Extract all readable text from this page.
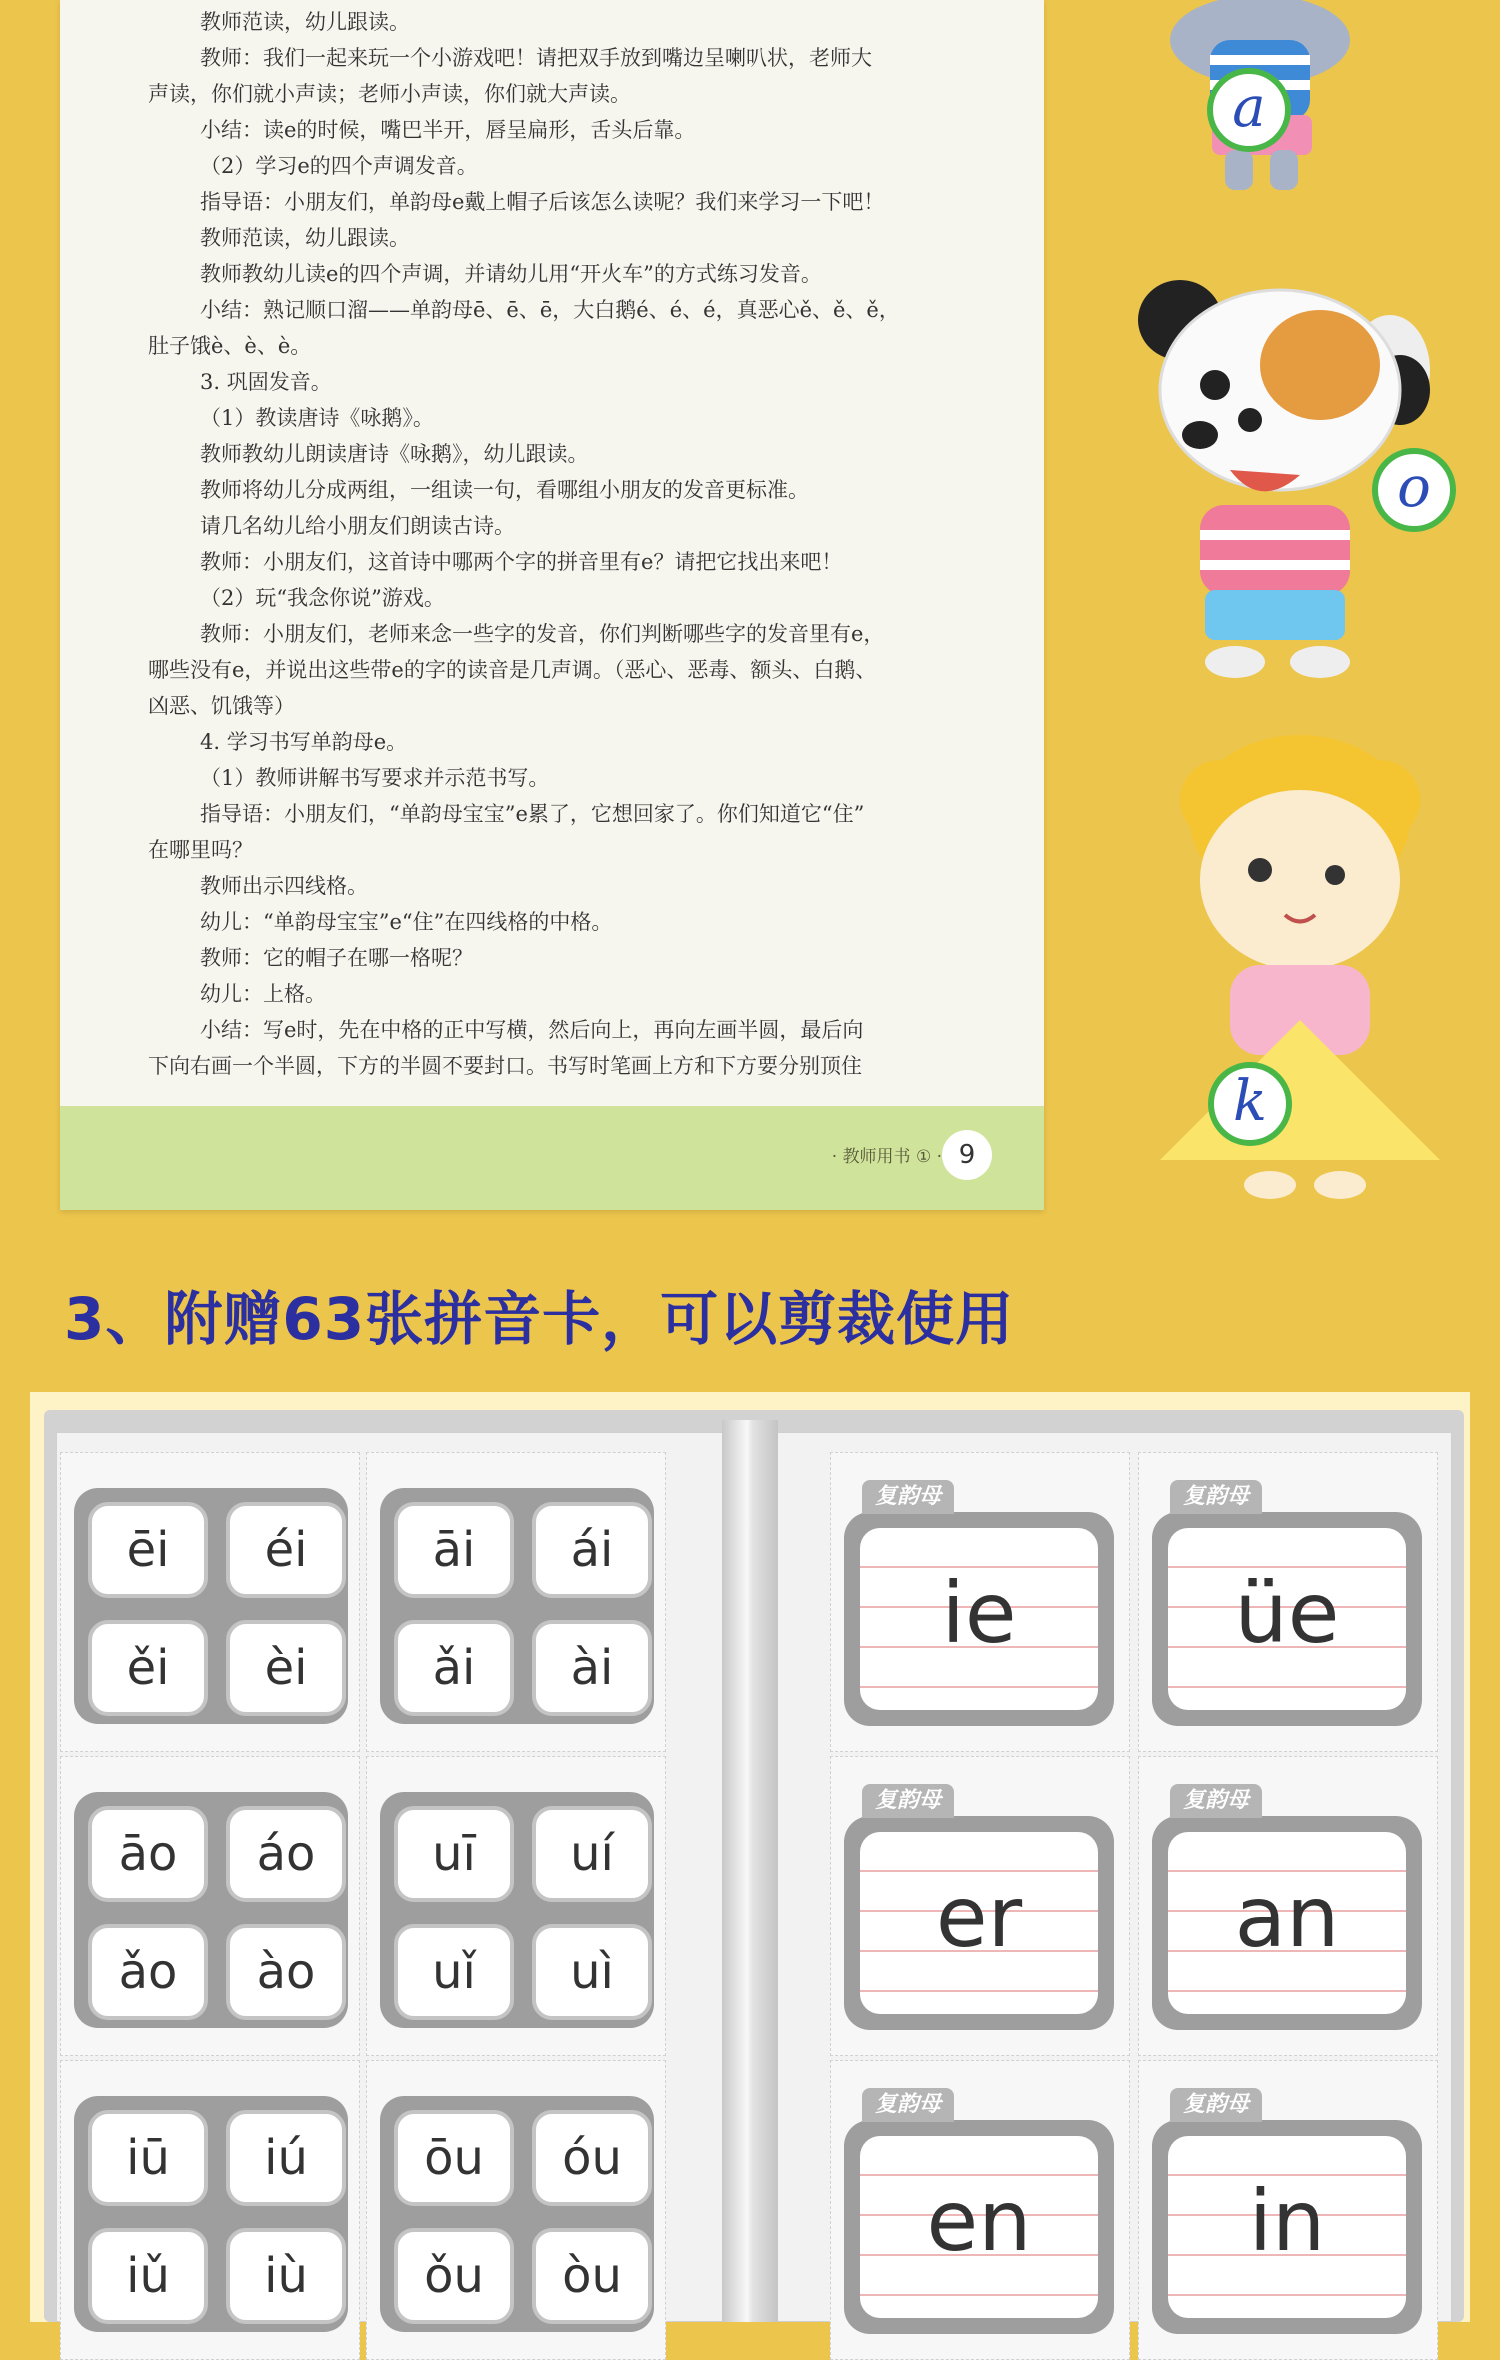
教师范读，幼儿跟读。
教师：我们一起来玩一个小游戏吧！请把双手放到嘴边呈喇叭状，老师大
声读，你们就小声读；老师小声读，你们就大声读。
小结：读e的时候，嘴巴半开，唇呈扁形，舌头后靠。
（2）学习e的四个声调发音。
指导语：小朋友们，单韵母e戴上帽子后该怎么读呢？我们来学习一下吧！
教师范读，幼儿跟读。
教师教幼儿读e的四个声调，并请幼儿用“开火车”的方式练习发音。
小结：熟记顺口溜——单韵母ē、ē、ē，大白鹅é、é、é，真恶心ě、ě、ě，
肚子饿è、è、è。
3. 巩固发音。
（1）教读唐诗《咏鹅》。
教师教幼儿朗读唐诗《咏鹅》，幼儿跟读。
教师将幼儿分成两组，一组读一句，看哪组小朋友的发音更标准。
请几名幼儿给小朋友们朗读古诗。
教师：小朋友们，这首诗中哪两个字的拼音里有e？请把它找出来吧！
（2）玩“我念你说”游戏。
教师：小朋友们，老师来念一些字的发音，你们判断哪些字的发音里有e，
哪些没有e，并说出这些带e的字的读音是几声调。（恶心、恶毒、额头、白鹅、
凶恶、饥饿等）
4. 学习书写单韵母e。
（1）教师讲解书写要求并示范书写。
指导语：小朋友们，“单韵母宝宝”e累了，它想回家了。你们知道它“住”
在哪里吗？
教师出示四线格。
幼儿：“单韵母宝宝”e“住”在四线格的中格。
教师：它的帽子在哪一格呢？
幼儿：上格。
小结：写e时，先在中格的正中写横，然后向上，再向左画半圆，最后向
下向右画一个半圆，下方的半圆不要封口。书写时笔画上方和下方要分别顶住
· 教师用书 ① · 9
a
o
k
3、附赠63张拼音卡，可以剪裁使用
ēi	éi
ěi	èi
āi	ái
ǎi	ài
āo	áo
ǎo	ào
uī	uí
uǐ	uì
iū	iú
iǔ	iù
ōu	óu
ǒu	òu
复韵母
ie
复韵母
üe
复韵母
er
复韵母
an
复韵母
en
复韵母
in
